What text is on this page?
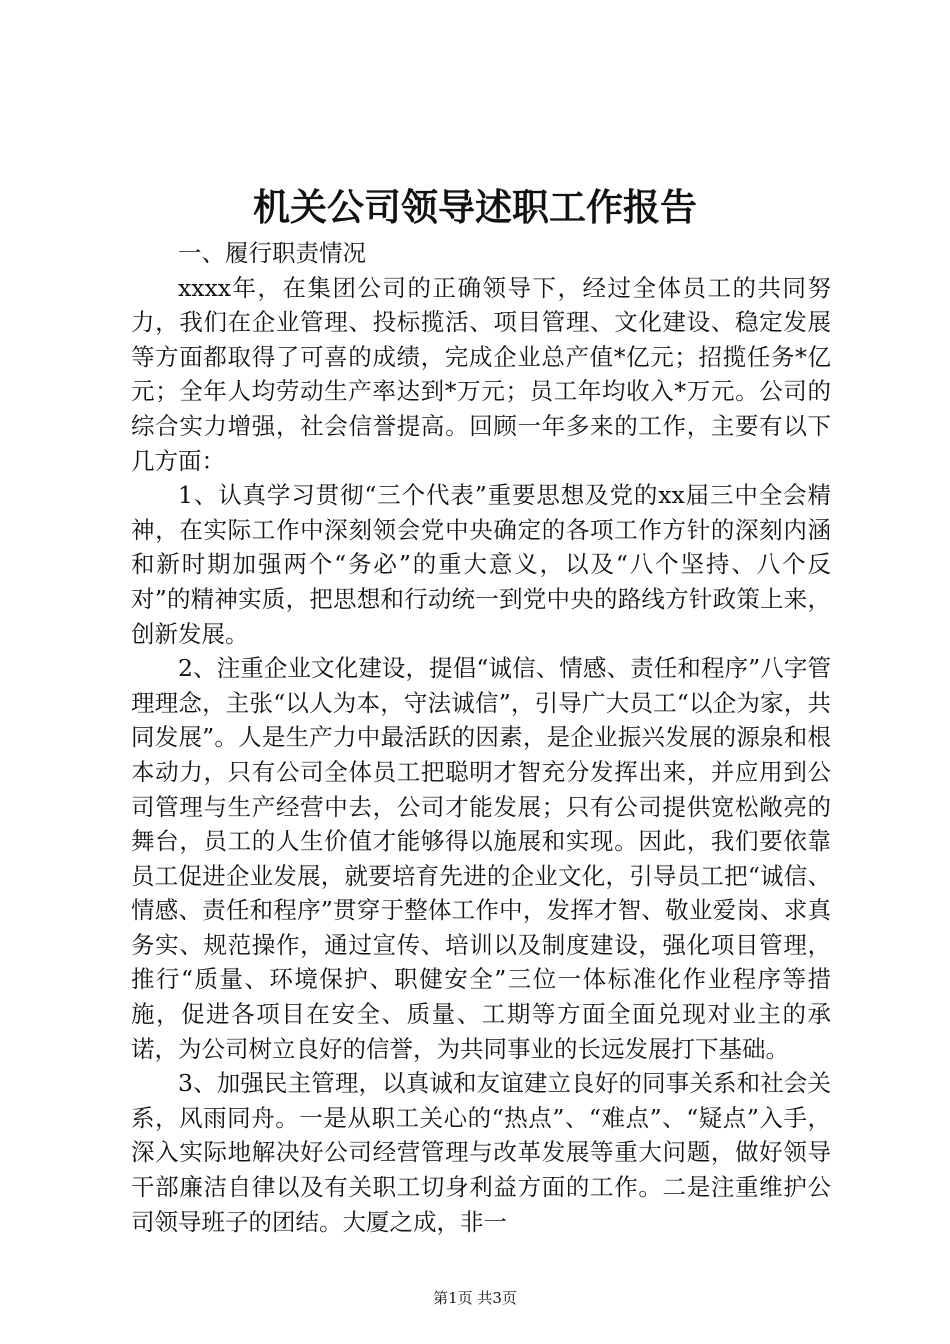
机关公司领导述职工作报告

一、履行职责情况

xxxx年，在集团公司的正确领导下，经过全体员工的共同努力，我们在企业管理、投标揽活、项目管理、文化建设、稳定发展等方面都取得了可喜的成绩，完成企业总产值*亿元；招揽任务*亿元；全年人均劳动生产率达到*万元；员工年均收入*万元。公司的综合实力增强，社会信誉提高。回顾一年多来的工作，主要有以下几方面：

1、认真学习贯彻“三个代表”重要思想及党的xx届三中全会精神，在实际工作中深刻领会党中央确定的各项工作方针的深刻内涵和新时期加强两个“务必”的重大意义，以及“八个坚持、八个反对”的精神实质，把思想和行动统一到党中央的路线方针政策上来，创新发展。

2、注重企业文化建设，提倡“诚信、情感、责任和程序”八字管理理念，主张“以人为本，守法诚信”，引导广大员工“以企为家，共同发展”。人是生产力中最活跃的因素，是企业振兴发展的源泉和根本动力，只有公司全体员工把聪明才智充分发挥出来，并应用到公司管理与生产经营中去，公司才能发展；只有公司提供宽松敞亮的舞台，员工的人生价值才能够得以施展和实现。因此，我们要依靠员工促进企业发展，就要培育先进的企业文化，引导员工把“诚信、情感、责任和程序”贯穿于整体工作中，发挥才智、敬业爱岗、求真务实、规范操作，通过宣传、培训以及制度建设，强化项目管理，推行“质量、环境保护、职健安全”三位一体标准化作业程序等措施，促进各项目在安全、质量、工期等方面全面兑现对业主的承诺，为公司树立良好的信誉，为共同事业的长远发展打下基础。

3、加强民主管理，以真诚和友谊建立良好的同事关系和社会关系，风雨同舟。一是从职工关心的“热点”、“难点”、“疑点”入手，深入实际地解决好公司经营管理与改革发展等重大问题，做好领导干部廉洁自律以及有关职工切身利益方面的工作。二是注重维护公司领导班子的团结。大厦之成，非一

第1页 共3页
